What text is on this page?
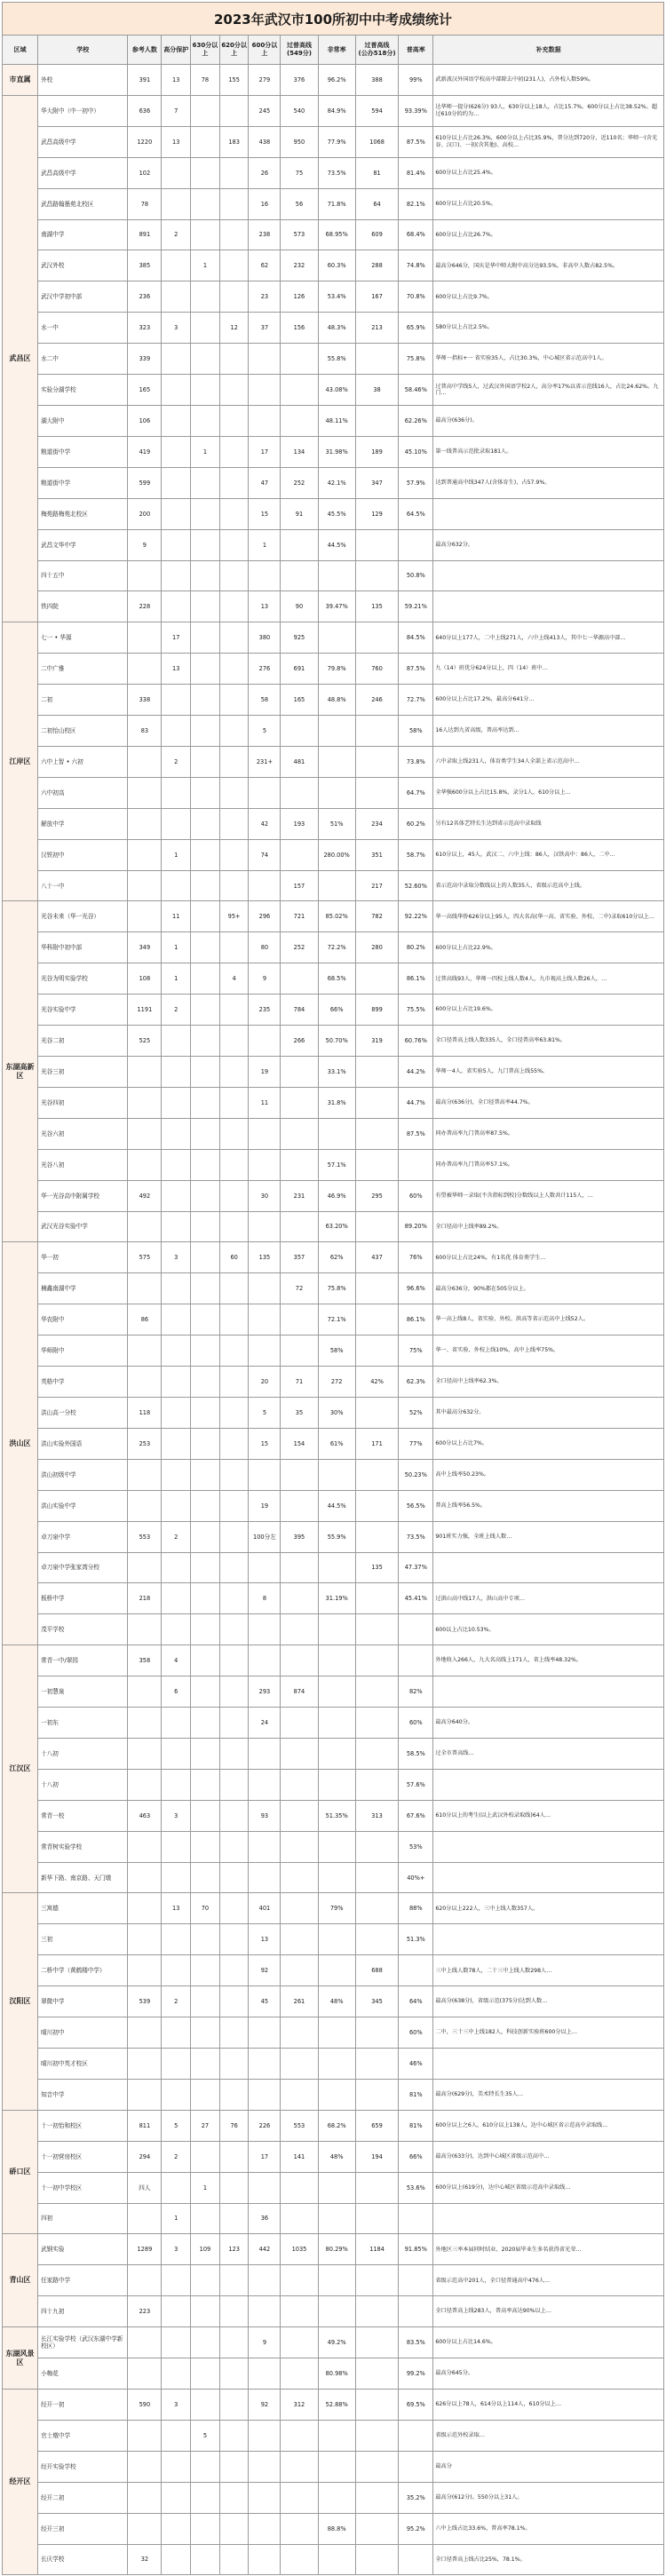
2023年武汉市100所初中中考成绩统计
区域	学校	参考人数	高分保护	630分以上	620分以上	600分以上	过普高线
(549分)	非常率	过普高线
(公办518分)	普高率	补充数据
市直属	外校	391	13	78	155	279	376	96.2%	388	99%	武新波汉外国语学校高中部除去中初(231人)，占外校人数59%。
武昌区	华大附中（中一初中）	636	7			245	540	84.9%	594	93.39%	达华师一提分(626分) 93人，630分以上18人，占比15.7%。600分以上占比38.52%。超过610分的约为…
	武昌高级中学	1220	13		183	438	950	77.9%	1068	87.5%	610分以上占比26.3%，600分以上占比35.9%，普分达到720分，近110名；华师一(含光谷、汉口)、一初(含其他)、高校…
	武昌高级中学	102				26	75	73.5%	81	81.4%	600分以上占比25.4%。
	武昌路翰墨苑北校区	78				16	56	71.8%	64	82.1%	600分以上占比20.5%。
	南湖中学	891	2			238	573	68.95%	609	68.4%	600分以上占比26.7%。
	武汉外校	385		1		62	232	60.3%	288	74.8%	最高分646分，国庆是华中师大附中高分达93.5%，非高中人数占82.5%。
	武汉中学初中部	236				23	126	53.4%	167	70.8%	600分以上占比9.7%。
	水一中	323	3		12	37	156	48.3%	213	65.9%	580分以上占比2.5%。
	水二中	339						55.8%		75.8%	华师一指标+一 省实验35人，占比30.3%，中心城区省示范高中1人。
	实验分湖学校	165						43.08%	38	58.46%	过普高中学线5人，过武汉外国语学校2人，高分率17%以省示范线16人，占比24.62%。九门…
	湖大附中	106						48.11%		62.26%	最高分(636分)。
	粮道街中学	419		1		17	134	31.98%	189	45.10%	第一线普高示范批录取181人。
	粮道街中学	599				47	252	42.1%	347	57.9%	达到普通高中线347人(含体育生)，占57.9%。
	梅苑路梅苑北校区	200				15	91	45.5%	129	64.5%	
	武昌文华中学	9				1		44.5%			最高分632分。
	四十五中									50.8%	
	铁四院	228				13	90	39.47%	135	59.21%	
江岸区	七一 • 华源		17			380	925			84.5%	640分以上177人，二中上线271人，六中上线413人，其中七一华源高中部…
	二中广雅		13			276	691	79.8%	760	87.5%	九（14）班优分624分以上，四（14）班中…
	二初	338				58	165	48.8%	246	72.7%	600分以上占比17.2%，最高分641分…
	二初怡山校区	83				5				58%	16人达到九省高级，普高率达到…
	六中上智 • 六初		2			231+	481			73.8%	六中录取上线231人，体育类学生34人全部上省示范高中…
	六中初高									64.7%	全华强600分以上占比15.8%，录分1人，610分以上…
	解放中学					42	193	51%	234	60.2%	另有12名体艺特长生达到省示范高中录取线
	汉铁初中		1			74		280.00%	351	58.7%	610分以上，45人，武汉二、六中上线：86人，汉铁高中：86人，二中…
	八十一中						157		217	52.60%	省示范高中录取分数线以上的人数35人，省级示范高中上线。
东湖高新区	光谷未来（华一光谷）		11		95+	296	721	85.02%	782	92.22%	华一高线华侨626分以上95人，四大名高(华一高、省实验、外校、二中)录取610分以上…
	华科附中初中部	349	1			80	252	72.2%	280	80.2%	600分以上占比22.9%。
	光谷为明实验学校	108	1		4	9		68.5%		86.1%	过普高线93人，华师一四校上线人数4人，九市视高上线人数26人，…
	光谷实验中学	1191	2			235	784	66%	899	75.5%	600分以上占比19.6%。
	光谷二初	525					266	50.70%	319	60.76%	全口径普高上线人数335人，全口径普高率63.81%。
	光谷三初					19		33.1%		44.2%	华师一4人，省实验5人，九门普高上线55%。
	光谷四初					11		31.8%		44.7%	最高分(636分)，全口径普高率44.7%。
	光谷六初									87.5%	同办普高率九门普高率87.5%。
	光谷八初							57.1%			同办普高率九门普高率57.1%。
	华一光谷高中附属学校	492				30	231	46.9%	295	60%	有望被华师一录取(不含指标到校)分数线以上人数共计115人，…
	武汉光谷实验中学							63.20%		89.20%	全口径高中上线率89.2%。
洪山区	华一初	575	3		60	135	357	62%	437	76%	600分以上占比24%，有1名优 体育类学生…
	楠鑫南湖中学						72	75.8%		96.6%	最高分636分，90%都在505分以上。
	华农附中	86						72.1%		86.1%	华一高上线8人，省实验、外校、洪高等省示范高中上线52人。
	华师附中							58%		75%	华一、省实验、外校上线10%，高中上线率75%。
	英格中学					20	71	272	42%	62.3%	全口径高中上线率62.3%。
	洪山高一分校	118				5	35	30%		52%	其中最高分632分。
	洪山实验外国语	253				15	154	61%	171	77%	600分以上占比7%。
	洪山初级中学									50.23%	高中上线率50.23%。
	洪山实验中学					19		44.5%		56.5%	普高上线率56.5%。
	卓刀泉中学	553	2			100分左	395	55.9%		73.5%	901班实力强，全班上线人数…
	卓刀泉中学张家湾分校								135	47.37%	
	板桥中学	218				8		31.19%		45.41%	过洪山高中线17人，洪山高中专项…
	茂平学校										600以上占比10.53%。
江汉区	常青一中/翠园	358	4								外地收入266人，九大名高线上171人，省上线率48.32%。
	一初慧泉		6			293	874			82%	
	一初东					24				60%	最高分640分。
	十八初									58.5%	过全市普高线…
	十八初									57.6%	
	常青一校	463	3			93		51.35%	313	67.6%	610分以上的考生(以上武汉外校录取线)64人…
	常青树实验学校									53%	
	新华下路、南京路、天门墩									40%+	
汉阳区	三寓德		13	70		401		79%		88%	620分以上222人，三中上线人数357人。
	三初					13				51.3%	
	二桥中学（黄鹤楼中学）					92			688		三中上线人数78人，二十三中上线人数298人…
	翠微中学	539	2			45	261	48%	345	64%	最高分(638分)，省级示范(375分)达到人数…
	晴川初中									60%	二中，三十三中上线182人，科技创新实验班600分以上…
	晴川初中英才校区									46%	
	知音中学									81%	最高分(629分)，美术特长生35人…
硚口区	十一初怡和校区	811	5	27	76	226	553	68.2%	659	81%	600分以上之6人，610分以上138人，达中心城区省示范高中录取线…
	十一初营房校区	294	2			17	141	48%	194	66%	最高分(633分)，达到中心城区省级示范高中…
	十一初中学校区	四人		1						53.6%	600分以上(619分)，达中心城区省级示范高中录取线…
	四初		1			36					
青山区	武钢实验	1289	3	109	123	442	1035	80.29%	1184	91.85%	外地区三率本届同时结业、2020届毕业生多名获得省光荣…
	任家路中学										省级示范高中201人，全口径普通高中476人…
	四十九初	223									全口径普高上线283人，普高率高达90%以上…
东湖风景区	长江实验学校（武汉东湖中学新校区）					9		49.2%		83.5%	600分以上占比14.6%。
	小梅花							80.98%		99.2%	最高分645分。
经开区	经开一初	590	3			92	312	52.88%		69.5%	626分以上78人，614分以上114人，610分以上…
	官士墩中学			5							省级示范外校录取…
	经开实验学校										最高分
	经开二初									35.2%	最高分(612分)。550分以上31人。
	经开三初							88.8%		95.2%	六中上线占比33.6%，普高率78.1%。
	长庆学校	32									全口径普高上线占比25%，78.1%。
